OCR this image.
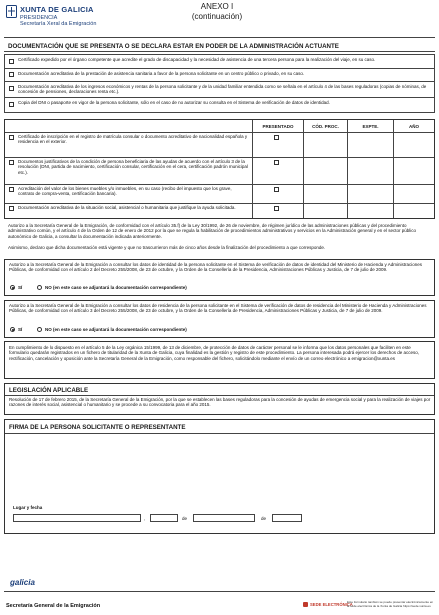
XUNTA DE GALICIA
PRESIDENCIA
Secretaría Xeral da Emigración
ANEXO I
(continuación)
DOCUMENTACIÓN QUE SE PRESENTA O SE DECLARA ESTAR EN PODER DE LA ADMINISTRACIÓN ACTUANTE
Certificado expedido por el órgano competente que acredite el grado de discapacidad y la necesidad de asistencia de una tercera persona para la realización del viaje, en su caso.
Documentación acreditativa de la prestación de asistencia sanitaria a favor de la persona solicitante en un centro público o privado, en su caso.
Documentación acreditativa de los ingresos económicos y rentas de la persona solicitante y de la unidad familiar entendida como se señala en el artículo 4 de las bases reguladoras (copias de nóminas, de concesión de pensiones, declaraciones renta etc.).
Copia del DNI o pasaporte en vigor de la persona solicitante, sólo en el caso de no autorizar su consulta en el Sistema de verificación de datos de identidad.
PRESENTADO	CÓD. PROC.	EXPTE.	AÑO
Certificado de inscripción en el registro de matrícula consular o documento acreditativo de nacionalidad española y residencia en el exterior.
Documentos justificativos de la condición de persona beneficiaria de las ayudas de acuerdo con el artículo 3 de la resolución (DNI, partida de nacimiento, certificación consular, certificación en el cera, certificación padrón municipal etc.).
Acreditación del valor de los bienes muebles y/o inmuebles, en su caso (recibo del impuesto que los grave, contrato de compra-venta, certificación bancaria).
Documentación acreditativa de la situación social, asistencial o humanitaria que justifique la ayuda solicitada.
Autorizo a la Secretaría General de la Emigración, de conformidad con el artículo 35.f) de la Ley 30/1992, de 26 de noviembre, de régimen jurídico de las administraciones públicas y del procedimiento administrativo común, y el artículo 4 de la Orden de 12 de enero de 2012 por la que se regula la habilitación de procedimientos administrativos y servicios en la Administración general y en el sector público autonómico de Galicia, a consultar la documentación indicada anteriormente.
Asimismo, declaro que dicha documentación está vigente y que no trascurrieron más de cinco años desde la finalización del procedimiento a que corresponde.
Autorizo a la Secretaría General de la Emigración a consultar los datos de identidad de la persona solicitante en el Sistema de verificación de datos de identidad del Ministerio de Hacienda y Administraciones Públicas, de conformidad con el artículo 2 del Decreto 255/2008, de 23 de octubre, y la Orden de la Consellería de la Presidencia, Administraciones Públicas y Justicia, de 7 de julio de 2009.
SÍ	NO (en este caso se adjuntará la documentación correspondiente)
Autorizo a la Secretaría General de la Emigración a consultar los datos de residencia de la persona solicitante en el Sistema de verificación de datos de residencia del Ministerio de Hacienda y Administraciones Públicas, de conformidad con el artículo 3 del Decreto 255/2008, de 23 de octubre, y la Orden de la Consellería de Presidencia, Administraciones Públicas y Justicia, de 7 de julio de 2009.
SÍ	NO (en este caso se adjuntará la documentación correspondiente)
En cumplimiento de lo dispuesto en el artículo 5 de la Ley orgánica 15/1999, de 13 de diciembre, de protección de datos de carácter personal se le informa que los datos personales que faciliten en este formulario quedarán registrados en un fichero de titularidad de la Xunta de Galicia, cuya finalidad es la gestión y registro de este procedimiento. La persona interesada podrá ejercer los derechos de acceso, rectificación, cancelación y oposición ante la Secretaría General de la Emigración, como responsable del fichero, solicitándolo mediante el envío de un correo electrónico a emigracion@xunta.es
LEGISLACIÓN APLICABLE
Resolución de 17 de febrero 2015, de la Secretaría General de la Emigración, por la que se establecen las bases reguladoras para la concesión de ayudas de emergencia social y para la realización de viajes por razones de interés social, asistencial o humanitario y se procede a su convocatoria para el año 2015.
FIRMA DE LA PERSONA SOLICITANTE O REPRESENTANTE
Lugar y fecha
,	de	de
galicia
Secretaría General de la Emigración	SEDE ELECTRÓNICA
Este formulario también se puede presentar electrónicamente en la sede electrónica de la Xunta de Galicia https://sede.xunta.es
